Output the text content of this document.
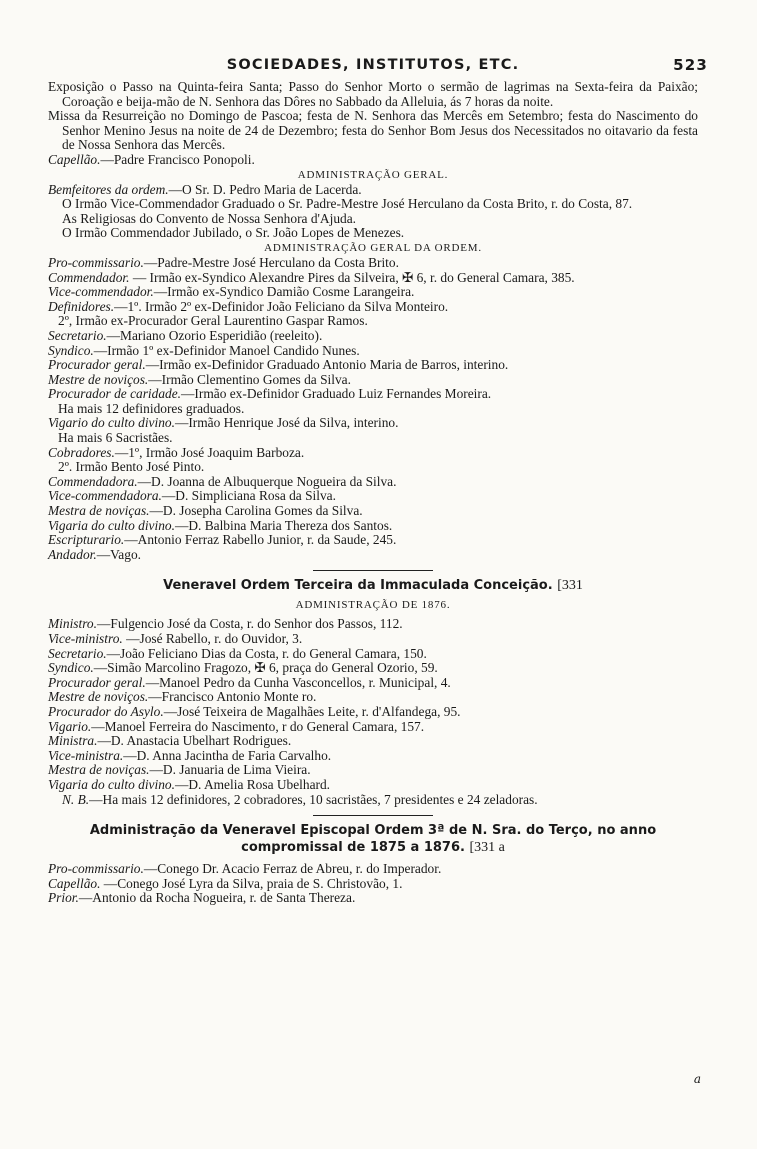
SOCIEDADES, INSTITUTOS, ETC.	523

Exposição o Passo na Quinta-feira Santa; Passo do Senhor Morto o sermão de lagrimas na Sexta-feira da Paixão; Coroação e beija-mão de N. Senhora das Dôres no Sabbado da Alleluia, ás 7 horas da noite.

Missa da Resurreição no Domingo de Pascoa; festa de N. Senhora das Mercês em Setembro; festa do Nascimento do Senhor Menino Jesus na noite de 24 de Dezembro; festa do Senhor Bom Jesus dos Necessitados no oitavario da festa de Nossa Senhora das Mercês.

Capellão.—Padre Francisco Ponopoli.

ADMINISTRAÇÃO GERAL.

Bemfeitores da ordem.—O Sr. D. Pedro Maria de Lacerda.

O Irmão Vice-Commendador Graduado o Sr. Padre-Mestre José Herculano da Costa Brito, r. do Costa, 87.

As Religiosas do Convento de Nossa Senhora d'Ajuda.

O Irmão Commendador Jubilado, o Sr. João Lopes de Menezes.

ADMINISTRAÇÃO GERAL DA ORDEM.

Pro-commissario.—Padre-Mestre José Herculano da Costa Brito.

Commendador. — Irmão ex-Syndico Alexandre Pires da Silveira, ✠ 6, r. do General Camara, 385.

Vice-commendador.—Irmão ex-Syndico Damião Cosme Larangeira.

Definidores.—1º. Irmão 2º ex-Definidor João Feliciano da Silva Monteiro.

2º, Irmão ex-Procurador Geral Laurentino Gaspar Ramos.

Secretario.—Mariano Ozorio Esperidião (reeleito).

Syndico.—Irmão 1º ex-Definidor Manoel Candido Nunes.

Procurador geral.—Irmão ex-Definidor Graduado Antonio Maria de Barros, interino.

Mestre de noviços.—Irmão Clementino Gomes da Silva.

Procurador de caridade.—Irmão ex-Definidor Graduado Luiz Fernandes Moreira.

Ha mais 12 definidores graduados.

Vigario do culto divino.—Irmão Henrique José da Silva, interino.

Ha mais 6 Sacristães.

Cobradores.—1º, Irmão José Joaquim Barboza.

2º. Irmão Bento José Pinto.

Commendadora.—D. Joanna de Albuquerque Nogueira da Silva.

Vice-commendadora.—D. Simpliciana Rosa da Silva.

Mestra de noviças.—D. Josepha Carolina Gomes da Silva.

Vigaria do culto divino.—D. Balbina Maria Thereza dos Santos.

Escripturario.—Antonio Ferraz Rabello Junior, r. da Saude, 245.

Andador.—Vago.

Veneravel Ordem Terceira da Immaculada Conceição. [331

ADMINISTRAÇÃO DE 1876.

Ministro.—Fulgencio José da Costa, r. do Senhor dos Passos, 112.

Vice-ministro. —José Rabello, r. do Ouvidor, 3.

Secretario.—João Feliciano Dias da Costa, r. do General Camara, 150.

Syndico.—Simão Marcolino Fragozo, ✠ 6, praça do General Ozorio, 59.

Procurador geral.—Manoel Pedro da Cunha Vasconcellos, r. Municipal, 4.

Mestre de noviços.—Francisco Antonio Monte ro.

Procurador do Asylo.—José Teixeira de Magalhães Leite, r. d'Alfandega, 95.

Vigario.—Manoel Ferreira do Nascimento, r do General Camara, 157.

Ministra.—D. Anastacia Ubelhart Rodrigues.

Vice-ministra.—D. Anna Jacintha de Faria Carvalho.

Mestra de noviças.—D. Januaria de Lima Vieira.

Vigaria do culto divino.—D. Amelia Rosa Ubelhard.

N. B.—Ha mais 12 definidores, 2 cobradores, 10 sacristães, 7 presidentes e 24 zeladoras.

Administração da Veneravel Episcopal Ordem 3ª de N. Sra. do Terço, no anno

compromissal de 1875 a 1876. [331 a

Pro-commissario.—Conego Dr. Acacio Ferraz de Abreu, r. do Imperador.

Capellão. —Conego José Lyra da Silva, praia de S. Christovão, 1.

Prior.—Antonio da Rocha Nogueira, r. de Santa Thereza.

a
